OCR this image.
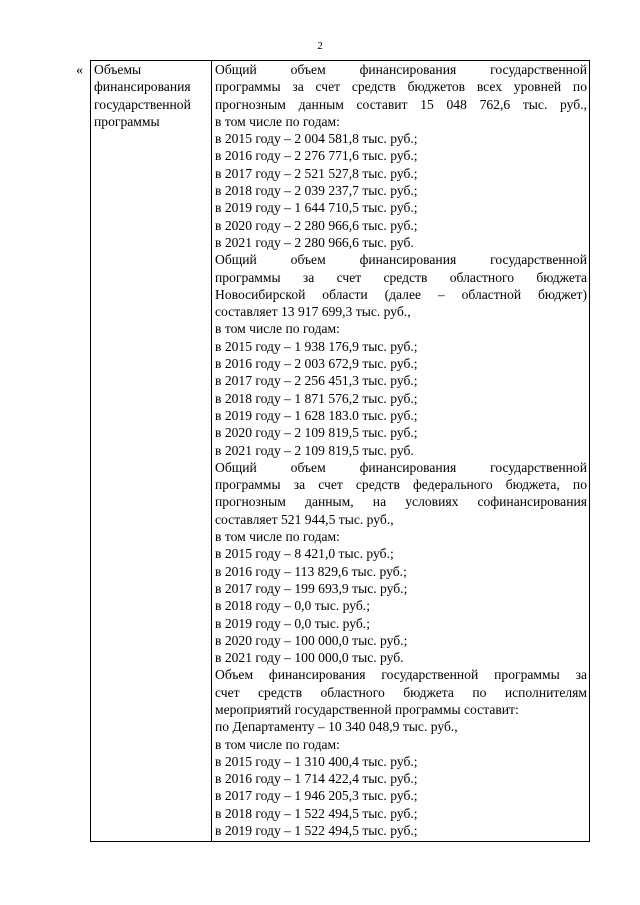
2
« Объемы
финансирования
государственной
программы

Общий объем финансирования государственной
программы за счет средств бюджетов всех уровней по
прогнозным данным составит 15 048 762,6 тыс. руб.,
в том числе по годам:
в 2015 году – 2 004 581,8 тыс. руб.;
в 2016 году – 2 276 771,6 тыс. руб.;
в 2017 году – 2 521 527,8 тыс. руб.;
в 2018 году – 2 039 237,7 тыс. руб.;
в 2019 году – 1 644 710,5 тыс. руб.;
в 2020 году – 2 280 966,6 тыс. руб.;
в 2021 году – 2 280 966,6 тыс. руб.
Общий объем финансирования государственной
программы за счет средств областного бюджета
Новосибирской области (далее – областной бюджет)
составляет 13 917 699,3 тыс. руб.,
в том числе по годам:
в 2015 году – 1 938 176,9 тыс. руб.;
в 2016 году – 2 003 672,9 тыс. руб.;
в 2017 году – 2 256 451,3 тыс. руб.;
в 2018 году – 1 871 576,2 тыс. руб.;
в 2019 году – 1 628 183.0 тыс. руб.;
в 2020 году – 2 109 819,5 тыс. руб.;
в 2021 году – 2 109 819,5 тыс. руб.
Общий объем финансирования государственной
программы за счет средств федерального бюджета, по
прогнозным данным, на условиях софинансирования
составляет 521 944,5 тыс. руб.,
в том числе по годам:
в 2015 году – 8 421,0 тыс. руб.;
в 2016 году – 113 829,6 тыс. руб.;
в 2017 году – 199 693,9 тыс. руб.;
в 2018 году – 0,0 тыс. руб.;
в 2019 году – 0,0 тыс. руб.;
в 2020 году – 100 000,0 тыс. руб.;
в 2021 году – 100 000,0 тыс. руб.
Объем финансирования государственной программы за
счет средств областного бюджета по исполнителям
мероприятий государственной программы составит:
по Департаменту – 10 340 048,9 тыс. руб.,
в том числе по годам:
в 2015 году – 1 310 400,4 тыс. руб.;
в 2016 году – 1 714 422,4 тыс. руб.;
в 2017 году – 1 946 205,3 тыс. руб.;
в 2018 году – 1 522 494,5 тыс. руб.;
в 2019 году – 1 522 494,5 тыс. руб.;
